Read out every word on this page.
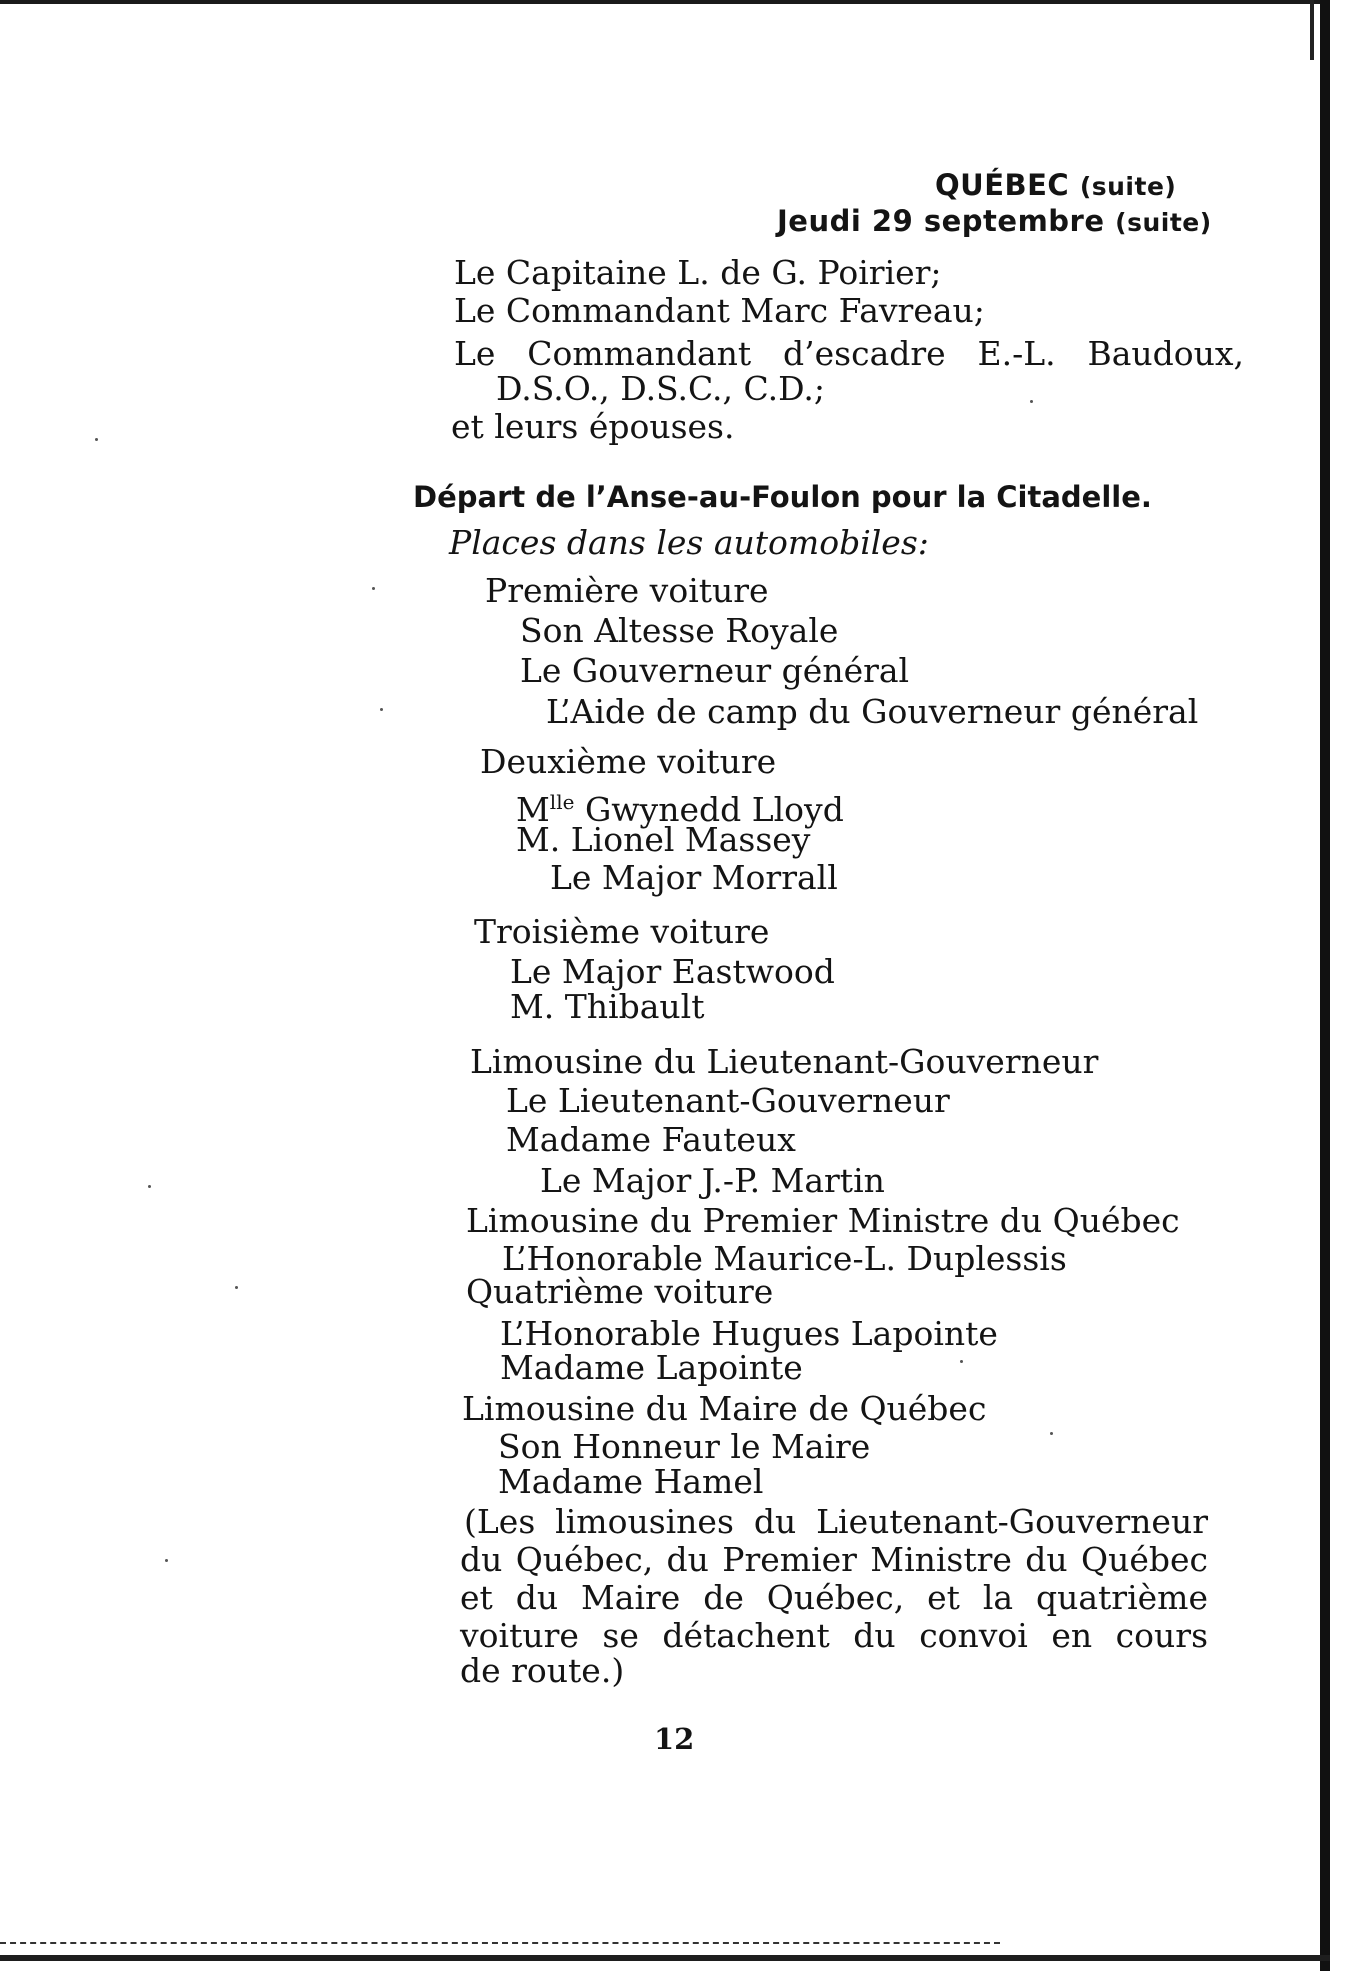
QUÉBEC (suite)
Jeudi 29 septembre (suite)
Le Capitaine L. de G. Poirier;
Le Commandant Marc Favreau;
Le Commandant d’escadre E.-L. Baudoux,
D.S.O., D.S.C., C.D.;
et leurs épouses.
Départ de l’Anse-au-Foulon pour la Citadelle.
Places dans les automobiles:
Première voiture
Son Altesse Royale
Le Gouverneur général
L’Aide de camp du Gouverneur général
Deuxième voiture
$M^{lle}$ Gwynedd Lloyd
M. Lionel Massey
Le Major Morrall
Troisième voiture
Le Major Eastwood
M. Thibault
Limousine du Lieutenant-Gouverneur
Le Lieutenant-Gouverneur
Madame Fauteux
Le Major J.-P. Martin
Limousine du Premier Ministre du Québec
L’Honorable Maurice-L. Duplessis
Quatrième voiture
L’Honorable Hugues Lapointe
Madame Lapointe
Limousine du Maire de Québec
Son Honneur le Maire
Madame Hamel
(Les limousines du Lieutenant-Gouverneur
du Québec, du Premier Ministre du Québec
et du Maire de Québec, et la quatrième
voiture se détachent du convoi en cours
de route.)
12
